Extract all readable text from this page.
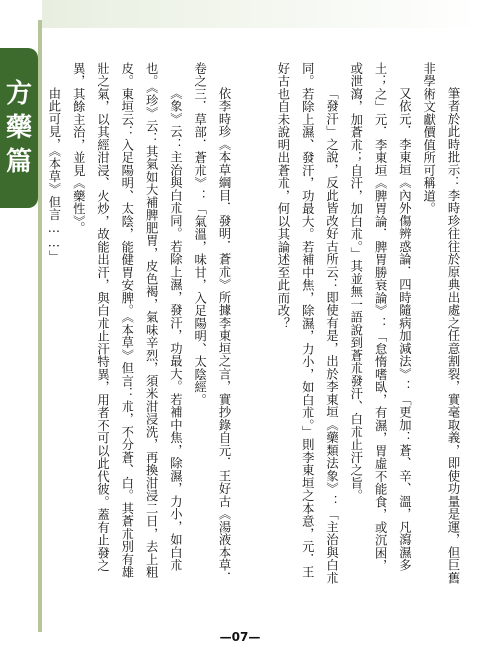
方
藥
篇	筆者於此時批示：李時珍往往於原典出處之任意割裂，實毫取義，即使功量是運，但巨舊非學術文獻價值所可稱道。

又依元．李東垣《內外傷辨惑論．四時隨病加減法》：「更加：蒼、辛、溫，凡瀉濕多土；之」元．李東垣《脾胃論．脾胃勝衰論》：「怠惰嗜臥，有濕，胃虛不能食，或沉困，或泄瀉，加蒼朮；自汗，加白朮。」其並無一語說到蒼朮發汗、白朮止汗之旨。

「發汗」之說，反此皆改好古所云：即使有是，出於李東垣《藥類法象》：「主治與白朮同。若除上濕、發汗，功最大。若補中焦，除濕，力小，如白朮。」則李東垣之本意，元．王好古也自未說明出蒼朮，何以其論述至此而改？

依李時珍《本草綱目．發明．蒼朮》所據李東垣之言，實抄錄自元．王好古《湯液本草．卷之三．草部．蒼朮》：「氣溫，味甘，入足陽明、太陰經。

《象》云：主治與白朮同。若除上濕，發汗，功最大。若補中焦，除濕，力小，如白朮也。《珍》云：其氣如大補脾肥胃，皮色褐，氣味辛烈，須米泔浸洗，再換泔浸二日，去上粗皮。東垣云：入足陽明、太陰，能健胃安脾。《本草》但言：朮，不分蒼、白。其蒼朮別有雄壯之氣，以其經泔浸、火炒，故能出汗，與白朮止汗特異，用者不可以此代彼。蓋有止發之異，其餘主治，並見《藥性》。

由此可見，《本草》但言……」

—07—
